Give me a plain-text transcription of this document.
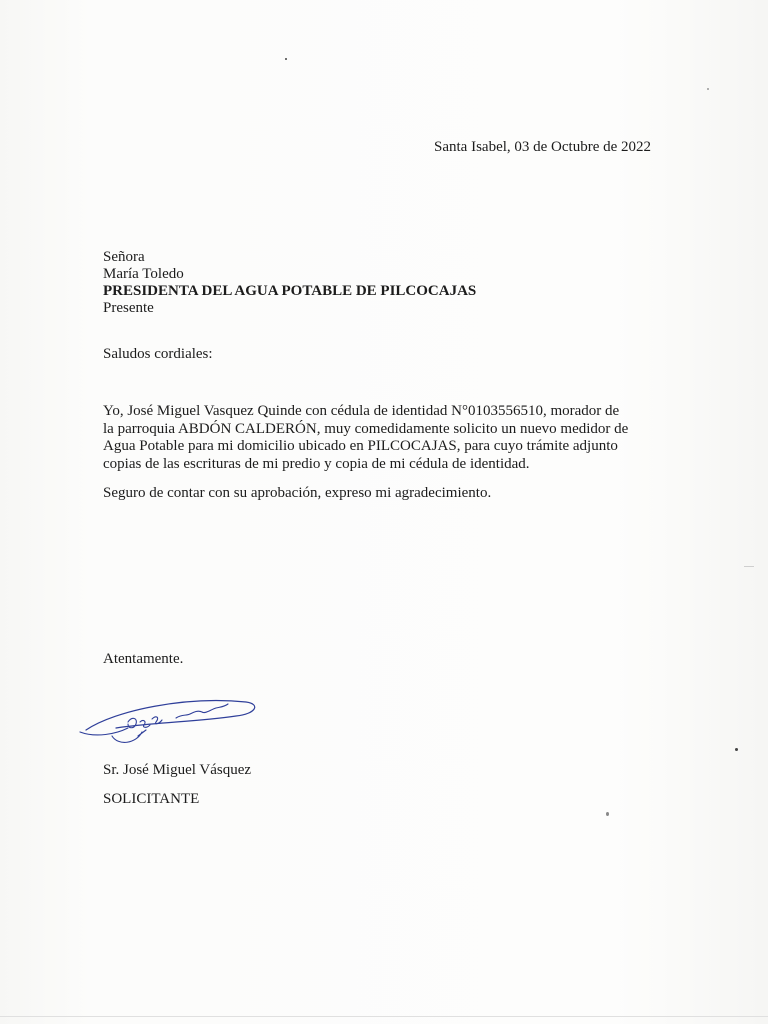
Santa Isabel, 03 de Octubre de 2022
Señora
María Toledo
PRESIDENTA DEL AGUA POTABLE DE PILCOCAJAS
Presente
Saludos cordiales:
Yo, José Miguel Vasquez Quinde con cédula de identidad N°0103556510, morador de
la parroquia ABDÓN CALDERÓN, muy comedidamente solicito un nuevo medidor de
Agua Potable para mi domicilio ubicado en PILCOCAJAS, para cuyo trámite adjunto
copias de las escrituras de mi predio y copia de mi cédula de identidad.
Seguro de contar con su aprobación, expreso mi agradecimiento.
Atentamente.
Sr. José Miguel Vásquez
SOLICITANTE
